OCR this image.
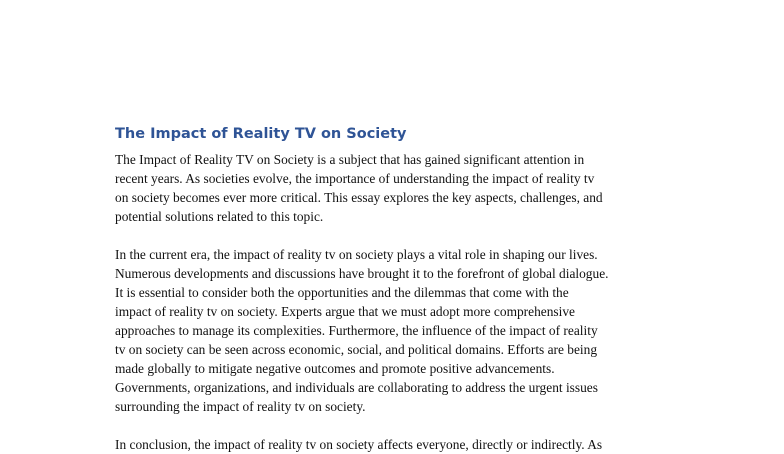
The Impact of Reality TV on Society

The Impact of Reality TV on Society is a subject that has gained significant attention in
recent years. As societies evolve, the importance of understanding the impact of reality tv
on society becomes ever more critical. This essay explores the key aspects, challenges, and
potential solutions related to this topic.

In the current era, the impact of reality tv on society plays a vital role in shaping our lives.
Numerous developments and discussions have brought it to the forefront of global dialogue.
It is essential to consider both the opportunities and the dilemmas that come with the
impact of reality tv on society. Experts argue that we must adopt more comprehensive
approaches to manage its complexities. Furthermore, the influence of the impact of reality
tv on society can be seen across economic, social, and political domains. Efforts are being
made globally to mitigate negative outcomes and promote positive advancements.
Governments, organizations, and individuals are collaborating to address the urgent issues
surrounding the impact of reality tv on society.

In conclusion, the impact of reality tv on society affects everyone, directly or indirectly. As
